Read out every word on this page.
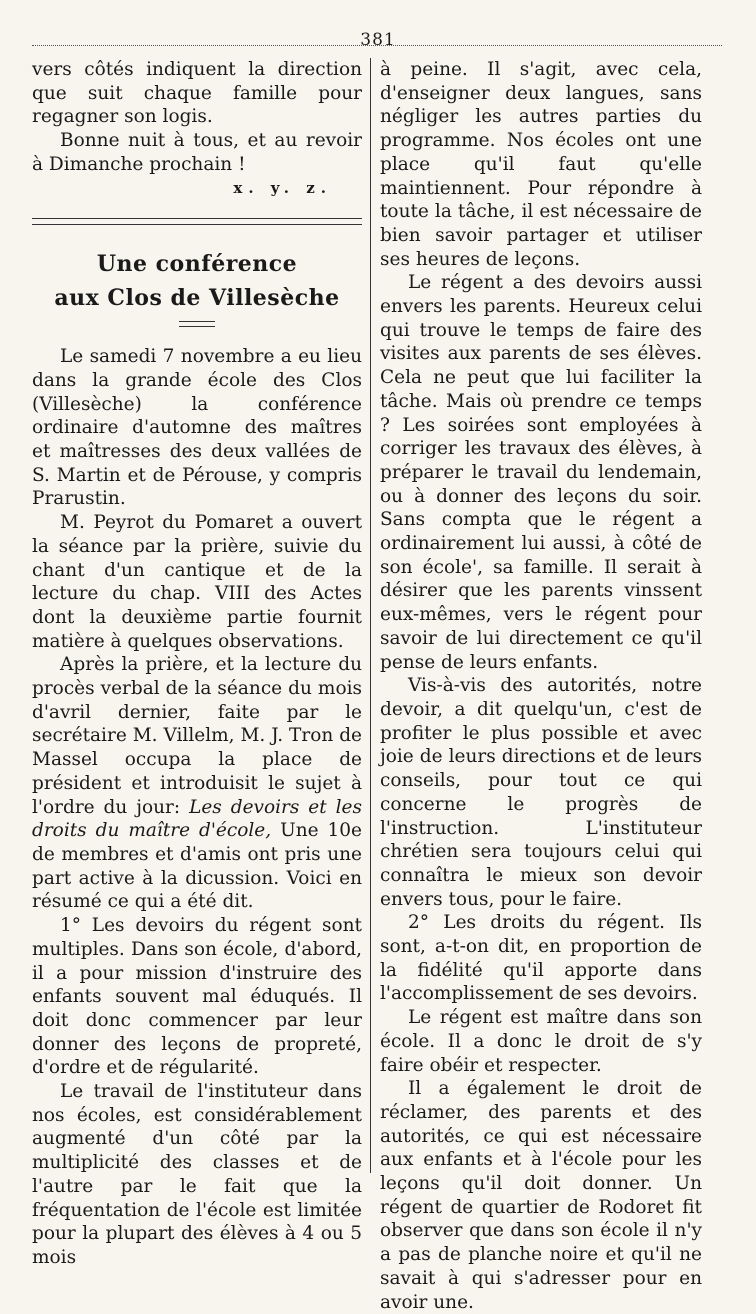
381

vers côtés indiquent la direction que suit chaque famille pour regagner son logis.

Bonne nuit à tous, et au revoir à Dimanche prochain !

x. y. z.

Une conférence
aux Clos de Villesèche

Le samedi 7 novembre a eu lieu dans la grande école des Clos (Villesèche) la conférence ordinaire d'automne des maîtres et maîtresses des deux vallées de S. Martin et de Pérouse, y compris Prarustin.

M. Peyrot du Pomaret a ouvert la séance par la prière, suivie du chant d'un cantique et de la lecture du chap. VIII des Actes dont la deuxième partie fournit matière à quelques observations.

Après la prière, et la lecture du procès verbal de la séance du mois d'avril dernier, faite par le secrétaire M. Villelm, M. J. Tron de Massel occupa la place de président et introduisit le sujet à l'ordre du jour: Les devoirs et les droits du maître d'école, Une 10e de membres et d'amis ont pris une part active à la dicussion. Voici en résumé ce qui a été dit.

1° Les devoirs du régent sont multiples. Dans son école, d'abord, il a pour mission d'instruire des enfants souvent mal éduqués. Il doit donc commencer par leur donner des leçons de propreté, d'ordre et de régularité.

Le travail de l'instituteur dans nos écoles, est considérablement augmenté d'un côté par la multiplicité des classes et de l'autre par le fait que la fréquentation de l'école est limitée pour la plupart des élèves à 4 ou 5 mois

à peine. Il s'agit, avec cela, d'enseigner deux langues, sans négliger les autres parties du programme. Nos écoles ont une place qu'il faut qu'elle maintiennent. Pour répondre à toute la tâche, il est nécessaire de bien savoir partager et utiliser ses heures de leçons.

Le régent a des devoirs aussi envers les parents. Heureux celui qui trouve le temps de faire des visites aux parents de ses élèves. Cela ne peut que lui faciliter la tâche. Mais où prendre ce temps ? Les soirées sont employées à corriger les travaux des élèves, à préparer le travail du lendemain, ou à donner des leçons du soir. Sans compta que le régent a ordinairement lui aussi, à côté de son école', sa famille. Il serait à désirer que les parents vinssent eux-mêmes, vers le régent pour savoir de lui directement ce qu'il pense de leurs enfants.

Vis-à-vis des autorités, notre devoir, a dit quelqu'un, c'est de profiter le plus possible et avec joie de leurs directions et de leurs conseils, pour tout ce qui concerne le progrès de l'instruction. L'instituteur chrétien sera toujours celui qui connaîtra le mieux son devoir envers tous, pour le faire.

2° Les droits du régent. Ils sont, a-t-on dit, en proportion de la fidélité qu'il apporte dans l'accomplissement de ses devoirs.

Le régent est maître dans son école. Il a donc le droit de s'y faire obéir et respecter.

Il a également le droit de réclamer, des parents et des autorités, ce qui est nécessaire aux enfants et à l'école pour les leçons qu'il doit donner. Un régent de quartier de Rodoret fit observer que dans son école il n'y a pas de planche noire et qu'il ne savait à qui s'adresser pour en avoir une.
